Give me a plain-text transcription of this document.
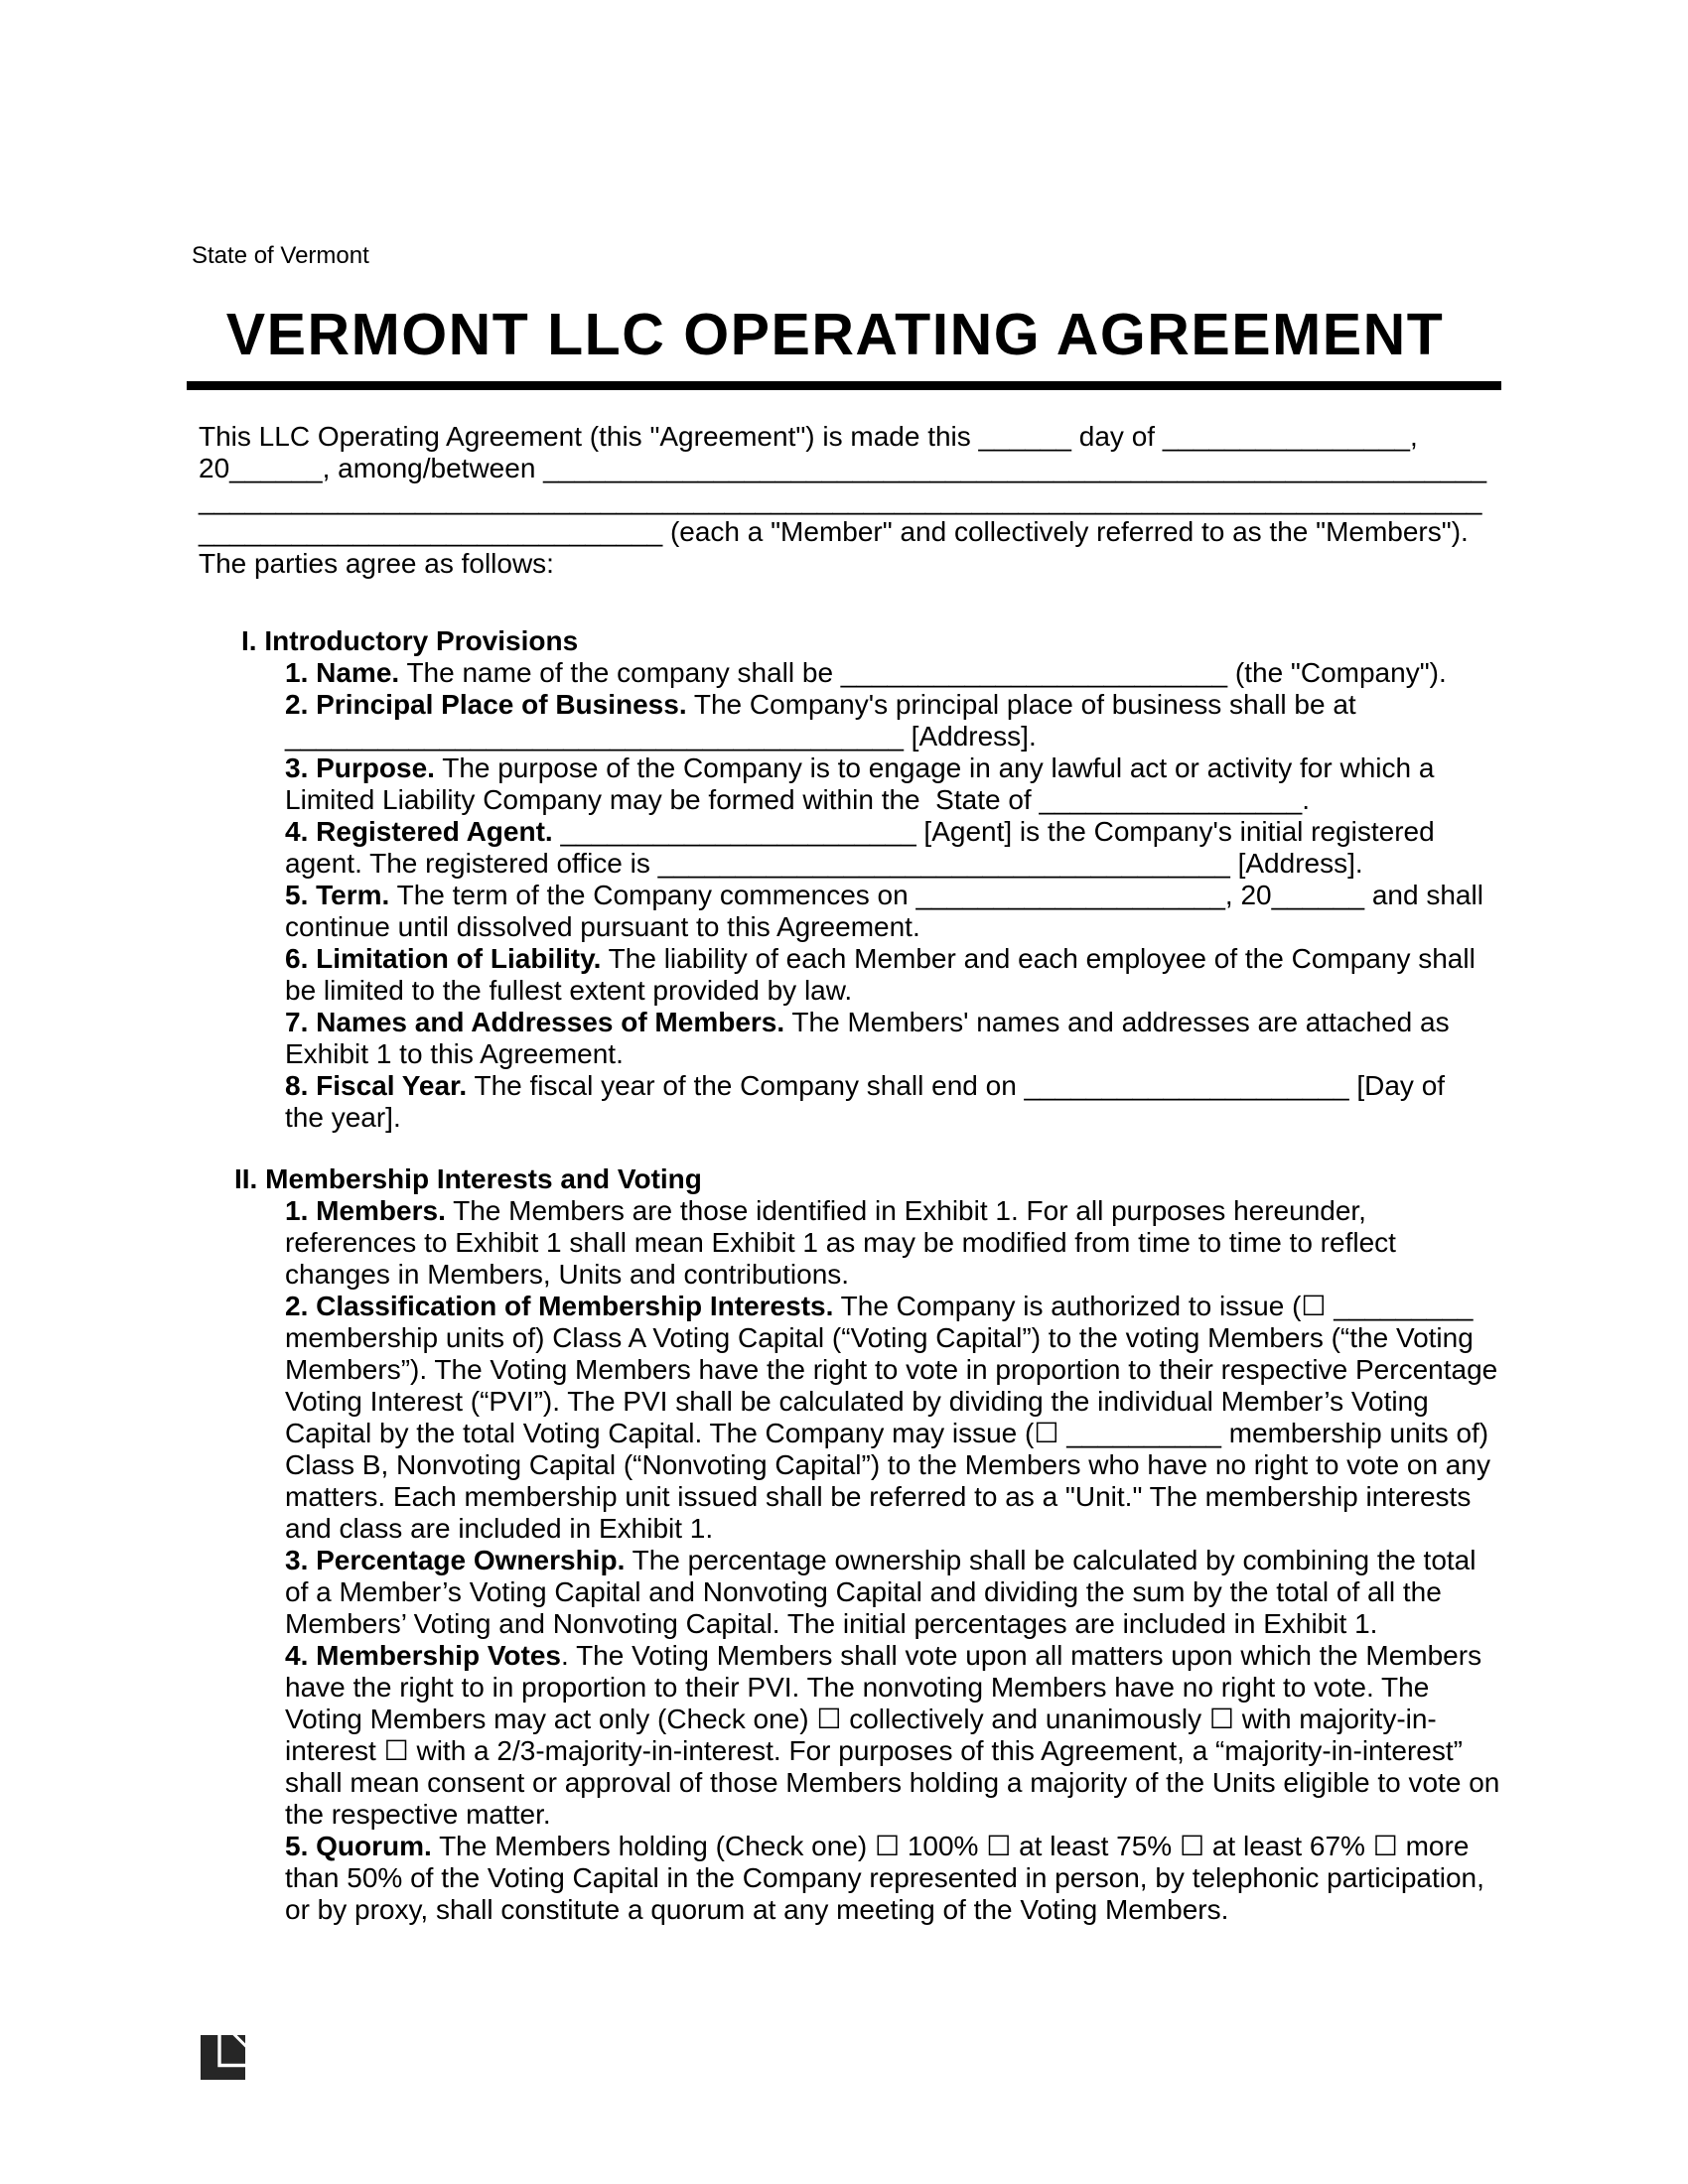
State of Vermont
VERMONT LLC OPERATING AGREEMENT
This LLC Operating Agreement (this "Agreement") is made this ______ day of ________________,
20______, among/between _____________________________________________________________
___________________________________________________________________________________
______________________________ (each a "Member" and collectively referred to as the "Members").
The parties agree as follows:
I. Introductory Provisions
1. Name. The name of the company shall be _________________________ (the "Company").
2. Principal Place of Business. The Company's principal place of business shall be at
________________________________________ [Address].
3. Purpose. The purpose of the Company is to engage in any lawful act or activity for which a
Limited Liability Company may be formed within the  State of _________________.
4. Registered Agent. _______________________ [Agent] is the Company's initial registered
agent. The registered office is _____________________________________ [Address].
5. Term. The term of the Company commences on ____________________, 20______ and shall
continue until dissolved pursuant to this Agreement.
6. Limitation of Liability. The liability of each Member and each employee of the Company shall
be limited to the fullest extent provided by law.
7. Names and Addresses of Members. The Members' names and addresses are attached as
Exhibit 1 to this Agreement.
8. Fiscal Year. The fiscal year of the Company shall end on _____________________ [Day of
the year].
II. Membership Interests and Voting
1. Members. The Members are those identified in Exhibit 1. For all purposes hereunder,
references to Exhibit 1 shall mean Exhibit 1 as may be modified from time to time to reflect
changes in Members, Units and contributions.
2. Classification of Membership Interests. The Company is authorized to issue (☐ _________
membership units of) Class A Voting Capital (“Voting Capital”) to the voting Members (“the Voting
Members”). The Voting Members have the right to vote in proportion to their respective Percentage
Voting Interest (“PVI”). The PVI shall be calculated by dividing the individual Member’s Voting
Capital by the total Voting Capital. The Company may issue (☐ __________ membership units of)
Class B, Nonvoting Capital (“Nonvoting Capital”) to the Members who have no right to vote on any
matters. Each membership unit issued shall be referred to as a "Unit." The membership interests
and class are included in Exhibit 1.
3. Percentage Ownership. The percentage ownership shall be calculated by combining the total
of a Member’s Voting Capital and Nonvoting Capital and dividing the sum by the total of all the
Members’ Voting and Nonvoting Capital. The initial percentages are included in Exhibit 1.
4. Membership Votes. The Voting Members shall vote upon all matters upon which the Members
have the right to in proportion to their PVI. The nonvoting Members have no right to vote. The
Voting Members may act only (Check one) ☐ collectively and unanimously ☐ with majority-in-
interest ☐ with a 2/3-majority-in-interest. For purposes of this Agreement, a “majority-in-interest”
shall mean consent or approval of those Members holding a majority of the Units eligible to vote on
the respective matter.
5. Quorum. The Members holding (Check one) ☐ 100% ☐ at least 75% ☐ at least 67% ☐ more
than 50% of the Voting Capital in the Company represented in person, by telephonic participation,
or by proxy, shall constitute a quorum at any meeting of the Voting Members.
